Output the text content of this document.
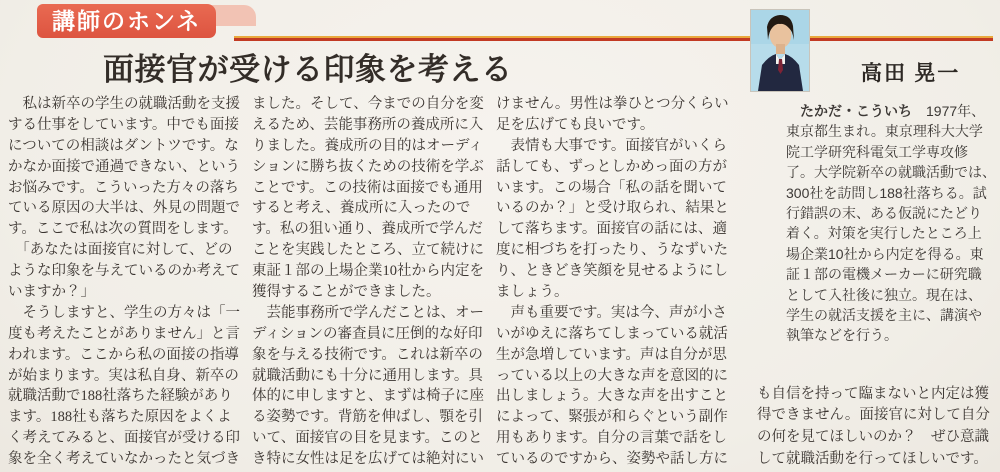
講師のホンネ
面接官が受ける印象を考える	高田 晃一
　私は新卒の学生の就職活動を支援
する仕事をしています。中でも面接
についての相談はダントツです。な
かなか面接で通過できない、という
お悩みです。こういった方々の落ち
ている原因の大半は、外見の問題で
す。ここで私は次の質問をします。
　「あなたは面接官に対して、どの
ような印象を与えているのか考えて
いますか？」
　そうしますと、学生の方々は「一
度も考えたことがありません」と言
われます。ここから私の面接の指導
が始まります。実は私自身、新卒の
就職活動で188社落ちた経験があり
ます。188社も落ちた原因をよくよ
く考えてみると、面接官が受ける印
象を全く考えていなかったと気づき
ました。そして、今までの自分を変
えるため、芸能事務所の養成所に入
りました。養成所の目的はオーディ
ションに勝ち抜くための技術を学ぶ
ことです。この技術は面接でも通用
すると考え、養成所に入ったので
す。私の狙い通り、養成所で学んだ
ことを実践したところ、立て続けに
東証１部の上場企業10社から内定を
獲得することができました。
　芸能事務所で学んだことは、オー
ディションの審査員に圧倒的な好印
象を与える技術です。これは新卒の
就職活動にも十分に通用します。具
体的に申しますと、まずは椅子に座
る姿勢です。背筋を伸ばし、顎を引
いて、面接官の目を見ます。このと
き特に女性は足を広げては絶対にい
けません。男性は拳ひとつ分くらい
足を広げても良いです。
　表情も大事です。面接官がいくら
話しても、ずっとしかめっ面の方が
います。この場合「私の話を聞いて
いるのか？」と受け取られ、結果と
して落ちます。面接官の話には、適
度に相づちを打ったり、うなずいた
り、ときどき笑顔を見せるようにし
ましょう。
　声も重要です。実は今、声が小さ
いがゆえに落ちてしまっている就活
生が急増しています。声は自分が思
っている以上の大きな声を意図的に
出しましょう。大きな声を出すこと
によって、緊張が和らぐという副作
用もあります。自分の言葉で話をし
ているのですから、姿勢や話し方に
　たかだ・こういち　1977年、
東京都生まれ。東京理科大大学
院工学研究科電気工学専攻修
了。大学院新卒の就職活動では、
300社を訪問し188社落ちる。試
行錯誤の末、ある仮説にたどり
着く。対策を実行したところ上
場企業10社から内定を得る。東
証１部の電機メーカーに研究職
として入社後に独立。現在は、
学生の就活支援を主に、講演や
執筆などを行う。
も自信を持って臨まないと内定は獲
得できません。面接官に対して自分
の何を見てほしいのか？　ぜひ意識
して就職活動を行ってほしいです。
